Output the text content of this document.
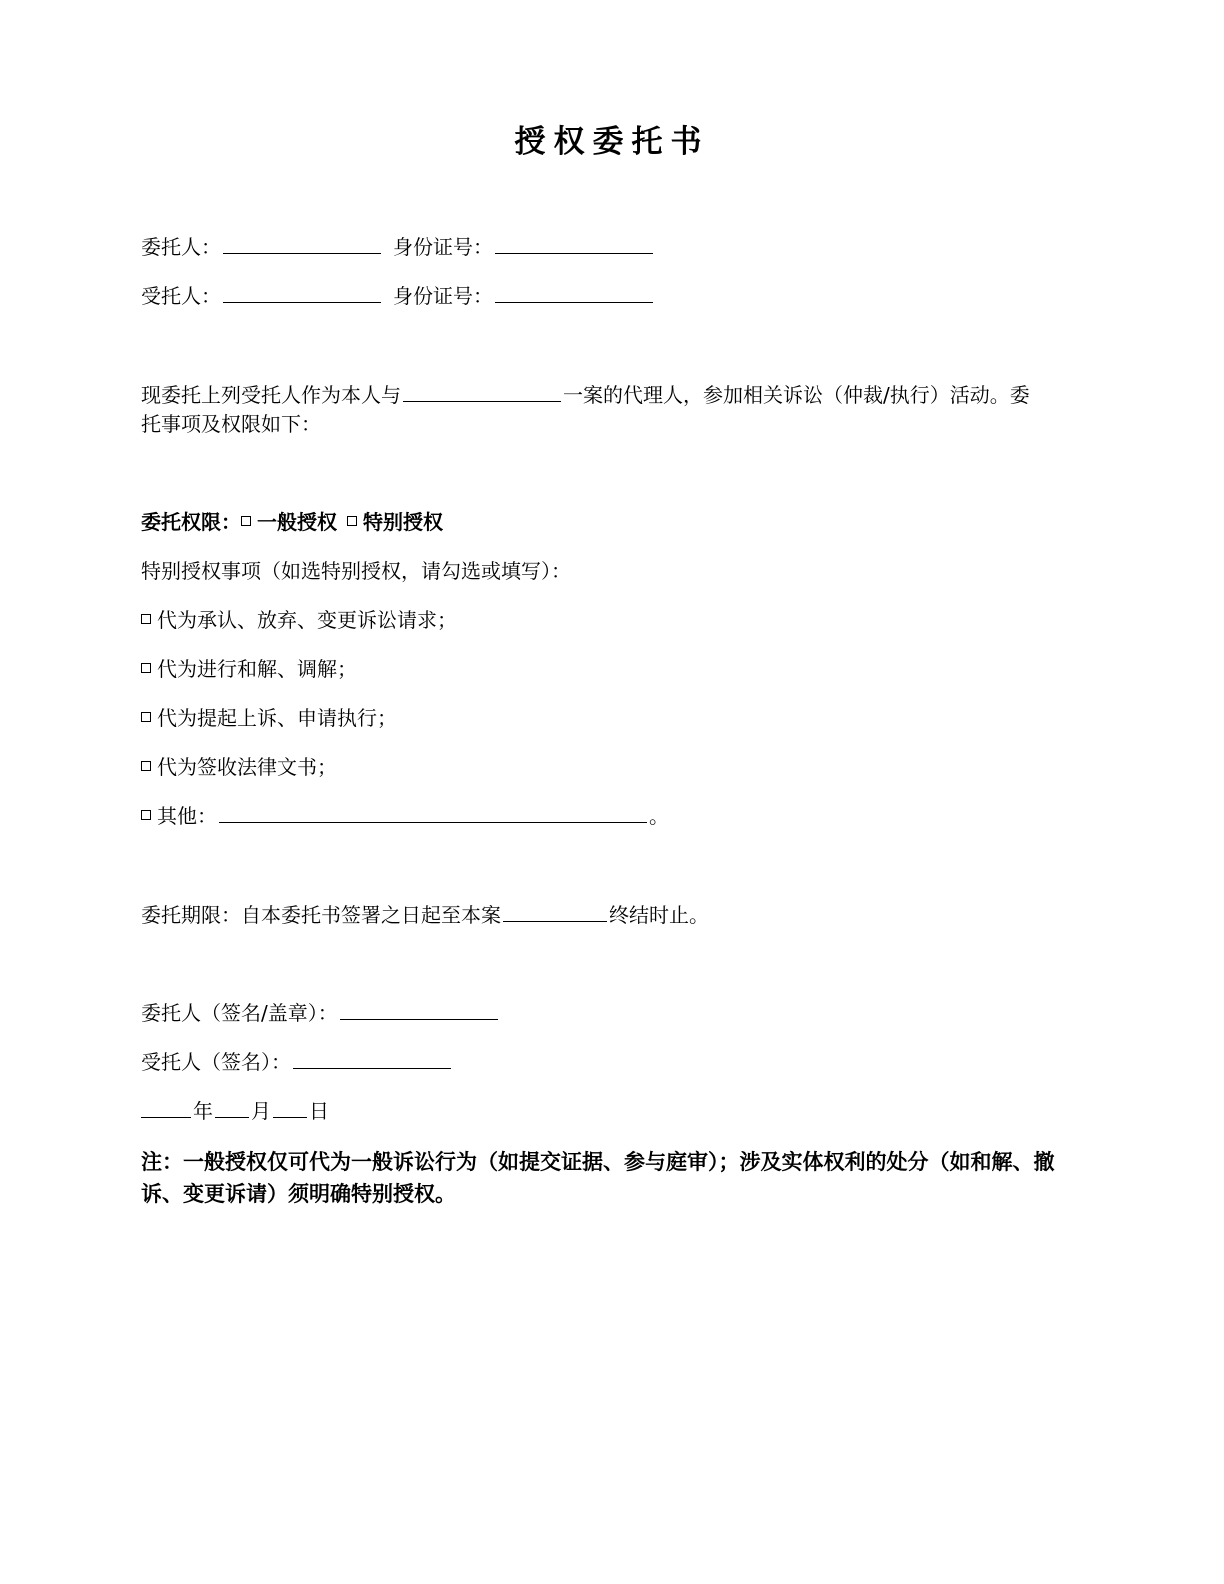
授权委托书
委托人：	身份证号：
受托人：	身份证号：
现委托上列受托人作为本人与	一案的代理人，参加相关诉讼（仲裁/执行）活动。委托事项及权限如下：
委托权限： 一般授权 特别授权
特别授权事项（如选特别授权，请勾选或填写）：
代为承认、放弃、变更诉讼请求；
代为进行和解、调解；
代为提起上诉、申请执行；
代为签收法律文书；
其他：	。
委托期限：自本委托书签署之日起至本案	终结时止。
委托人（签名/盖章）：
受托人（签名）：
年 月 日
注：一般授权仅可代为一般诉讼行为（如提交证据、参与庭审）；涉及实体权利的处分（如和解、撤诉、变更诉请）须明确特别授权。
